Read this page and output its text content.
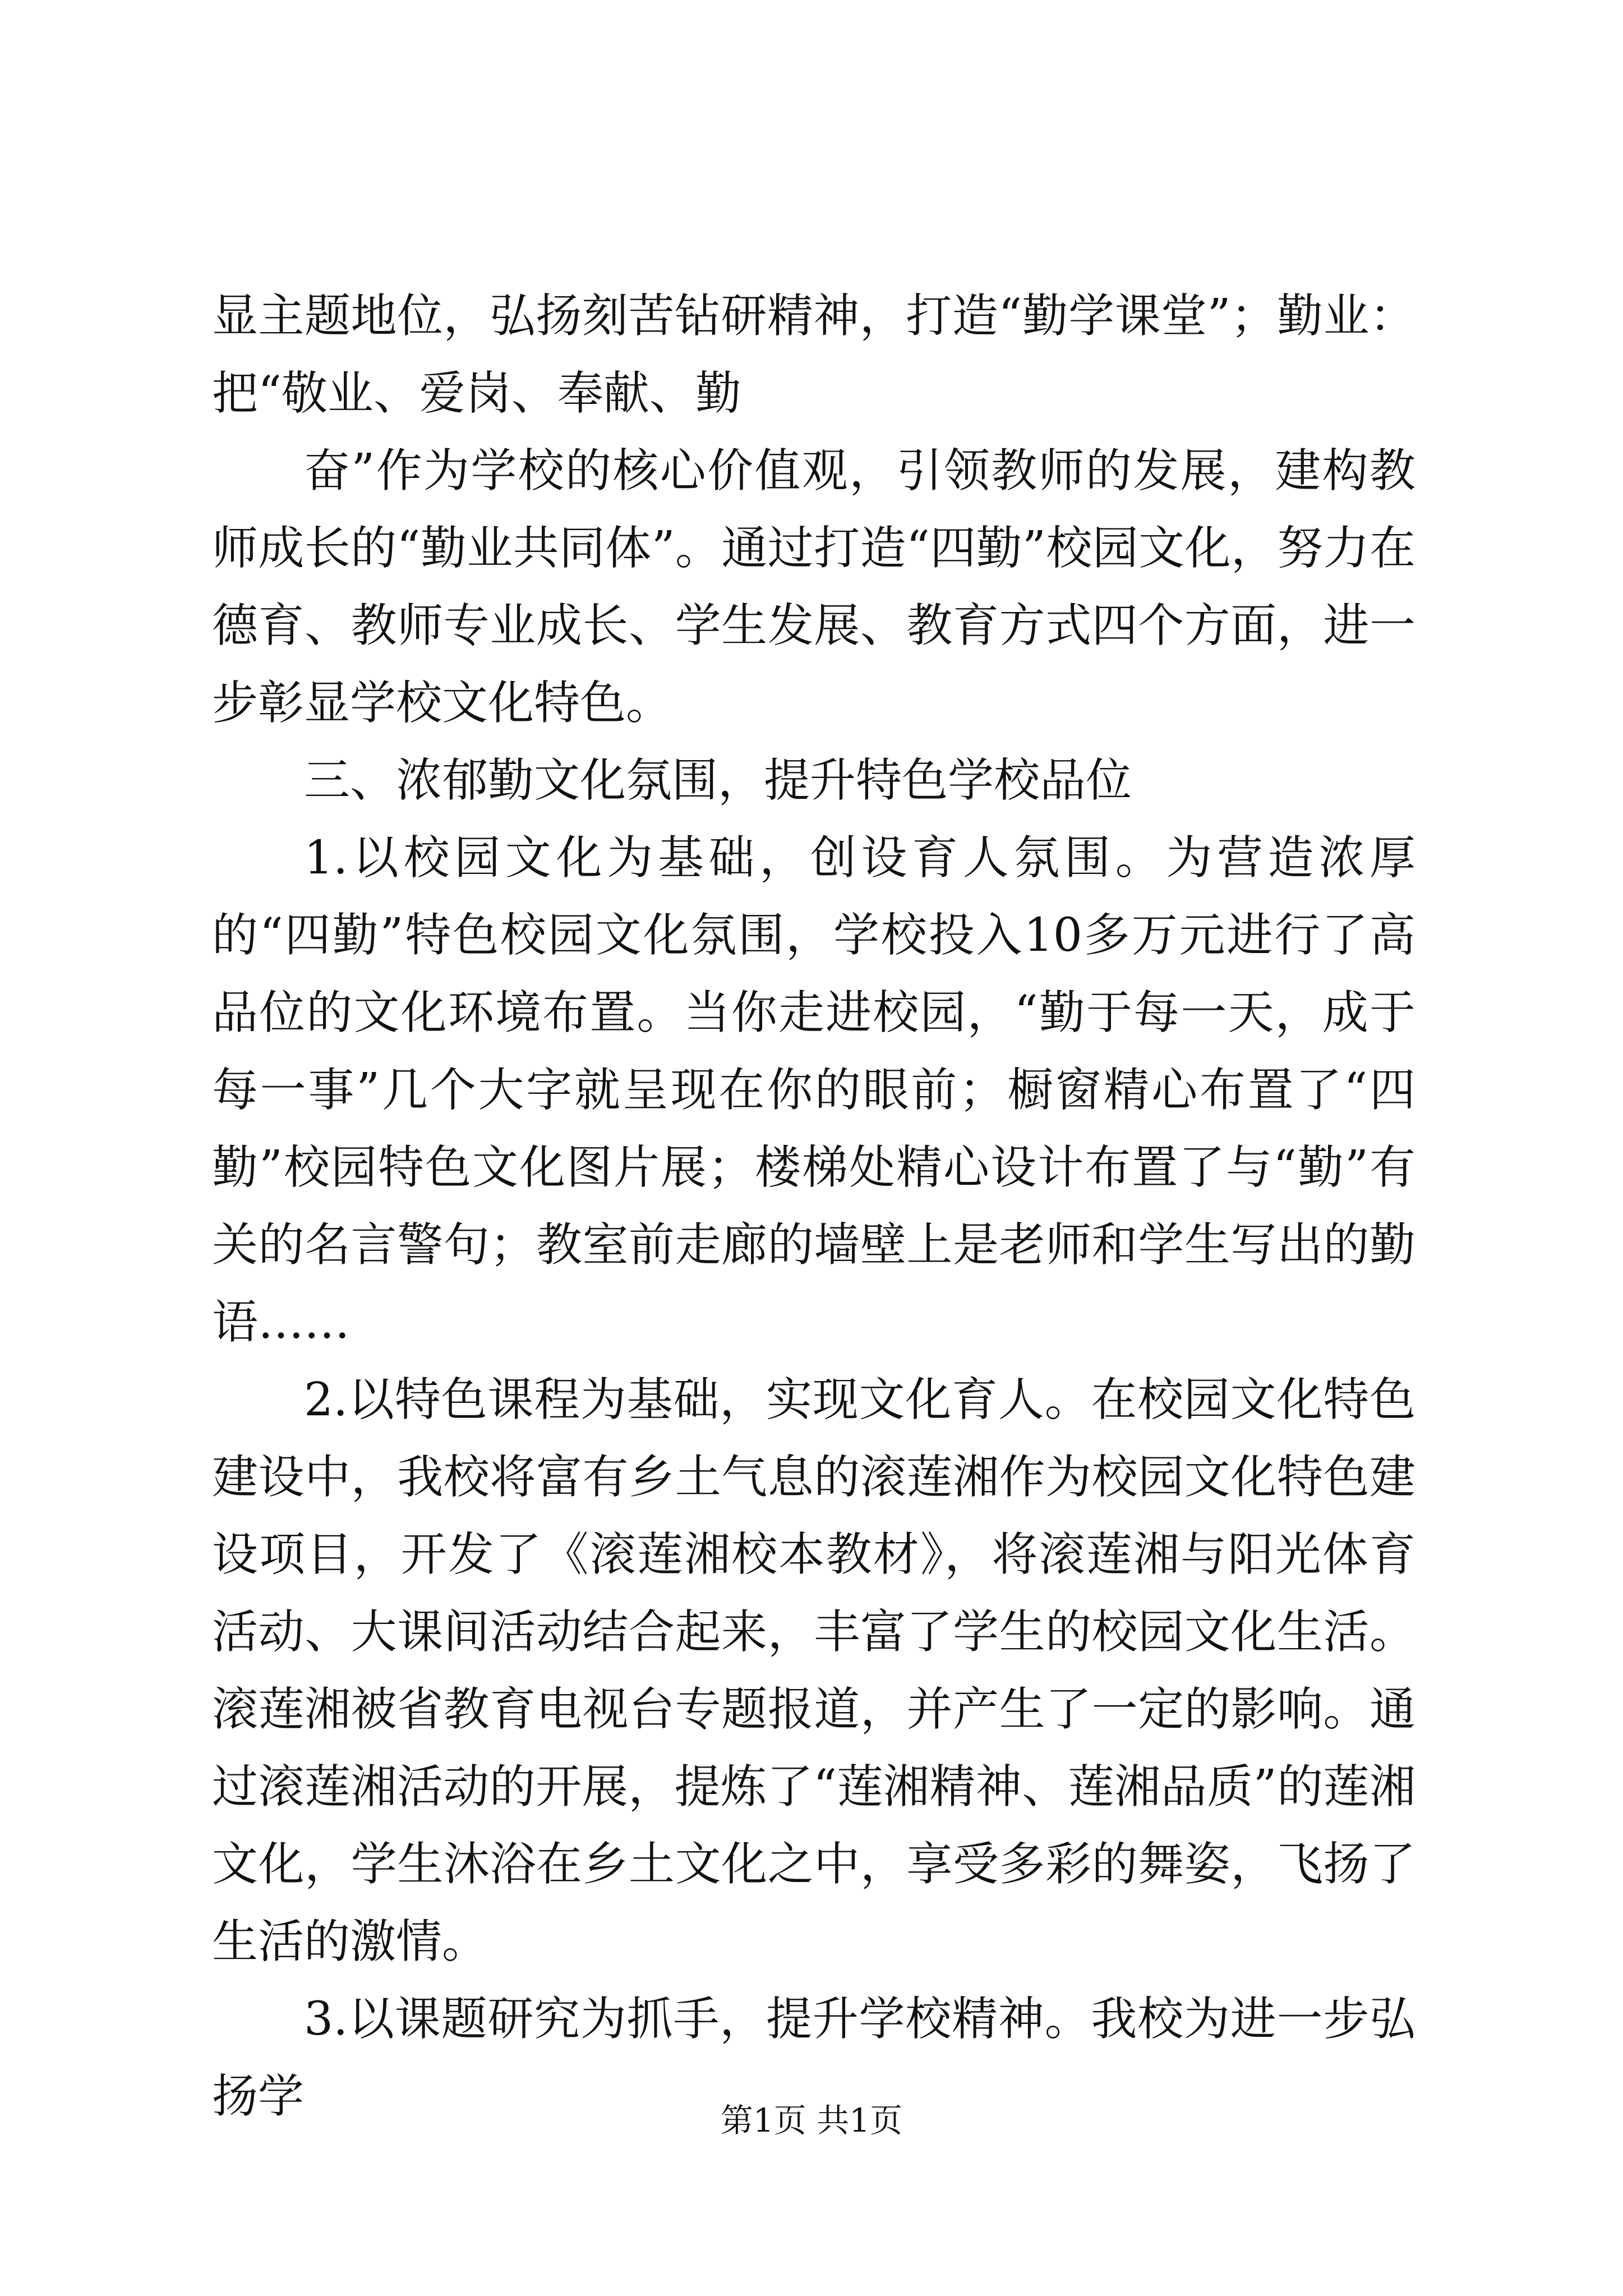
显主题地位，弘扬刻苦钻研精神，打造“勤学课堂”；勤业：把“敬业、爱岗、奉献、勤

奋”作为学校的核心价值观，引领教师的发展，建构教师成长的“勤业共同体”。通过打造“四勤”校园文化，努力在德育、教师专业成长、学生发展、教育方式四个方面，进一步彰显学校文化特色。

三、浓郁勤文化氛围，提升特色学校品位

1.以校园文化为基础，创设育人氛围。为营造浓厚的“四勤”特色校园文化氛围，学校投入10多万元进行了高品位的文化环境布置。当你走进校园，“勤于每一天，成于每一事”几个大字就呈现在你的眼前；橱窗精心布置了“四勤”校园特色文化图片展；楼梯处精心设计布置了与“勤”有关的名言警句；教室前走廊的墙壁上是老师和学生写出的勤语……

2.以特色课程为基础，实现文化育人。在校园文化特色建设中，我校将富有乡土气息的滚莲湘作为校园文化特色建设项目，开发了《滚莲湘校本教材》，将滚莲湘与阳光体育活动、大课间活动结合起来，丰富了学生的校园文化生活。滚莲湘被省教育电视台专题报道，并产生了一定的影响。通过滚莲湘活动的开展，提炼了“莲湘精神、莲湘品质”的莲湘文化，学生沐浴在乡土文化之中，享受多彩的舞姿，飞扬了生活的激情。

3.以课题研究为抓手，提升学校精神。我校为进一步弘扬学	第1页 共1页
